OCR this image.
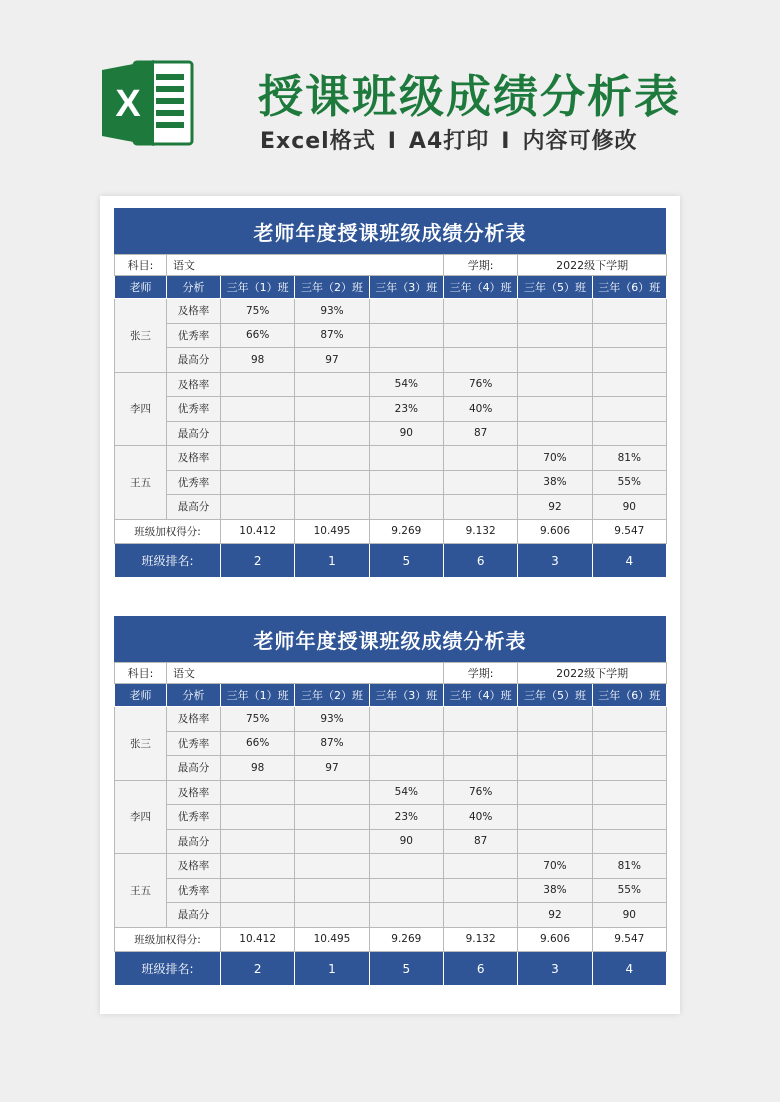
X	授课班级成绩分析表
Excel格式 I A4打印 I 内容可修改
老师年度授课班级成绩分析表
科目:	语文				学期:	2022级下学期	
老师	分析	三年（1）班	三年（2）班	三年（3）班	三年（4）班	三年（5）班	三年（6）班
张三	及格率	75%	93%				
	优秀率	66%	87%				
	最高分	98	97				
李四	及格率			54%	76%		
	优秀率			23%	40%		
	最高分			90	87		
王五	及格率					70%	81%
	优秀率					38%	55%
	最高分					92	90
班级加权得分:		10.412	10.495	9.269	9.132	9.606	9.547
班级排名:		2	1	5	6	3	4
老师年度授课班级成绩分析表
科目:	语文				学期:	2022级下学期	
老师	分析	三年（1）班	三年（2）班	三年（3）班	三年（4）班	三年（5）班	三年（6）班
张三	及格率	75%	93%				
	优秀率	66%	87%				
	最高分	98	97				
李四	及格率			54%	76%		
	优秀率			23%	40%		
	最高分			90	87		
王五	及格率					70%	81%
	优秀率					38%	55%
	最高分					92	90
班级加权得分:		10.412	10.495	9.269	9.132	9.606	9.547
班级排名:		2	1	5	6	3	4
